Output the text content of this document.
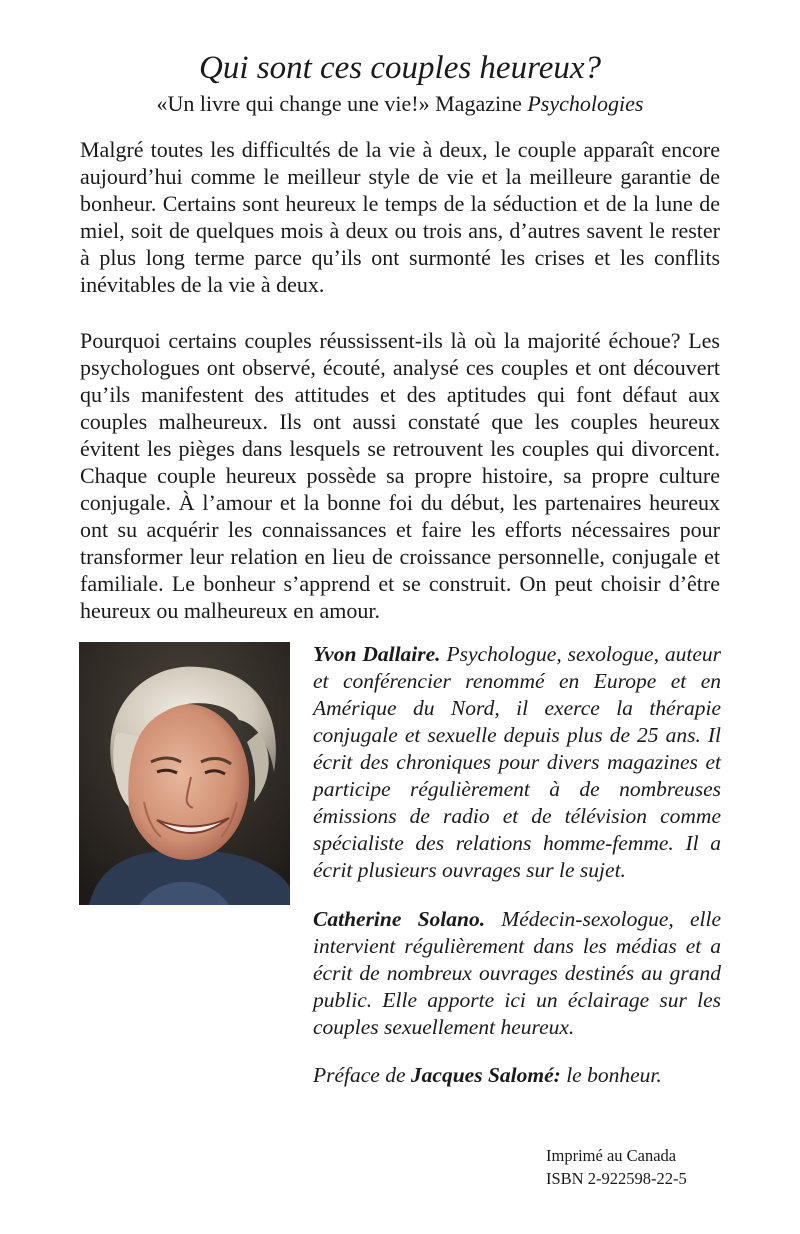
Qui sont ces couples heureux?
«Un livre qui change une vie!» Magazine Psychologies

Malgré toutes les difficultés de la vie à deux, le couple apparaît encore aujourd’hui comme le meilleur style de vie et la meilleure garantie de bonheur. Certains sont heureux le temps de la séduction et de la lune de miel, soit de quelques mois à deux ou trois ans, d’autres savent le rester à plus long terme parce qu’ils ont surmonté les crises et les conflits inévitables de la vie à deux.

Pourquoi certains couples réussissent-ils là où la majorité échoue? Les psychologues ont observé, écouté, analysé ces couples et ont découvert qu’ils manifestent des attitudes et des aptitudes qui font défaut aux couples malheureux. Ils ont aussi constaté que les couples heureux évitent les pièges dans lesquels se retrouvent les couples qui divorcent. Chaque couple heureux possède sa propre histoire, sa propre culture conjugale. À l’amour et la bonne foi du début, les partenaires heureux ont su acquérir les connaissances et faire les efforts nécessaires pour transformer leur relation en lieu de croissance personnelle, conjugale et familiale. Le bonheur s’apprend et se construit. On peut choisir d’être heureux ou malheureux en amour.

Yvon Dallaire. Psychologue, sexologue, auteur et conférencier renommé en Europe et en Amérique du Nord, il exerce la thérapie conjugale et sexuelle depuis plus de 25 ans. Il écrit des chroniques pour divers magazines et participe régulièrement à de nombreuses émissions de radio et de télévision comme spécialiste des relations homme-femme. Il a écrit plusieurs ouvrages sur le sujet.

Catherine Solano. Médecin-sexologue, elle intervient régulièrement dans les médias et a écrit de nombreux ouvrages destinés au grand public. Elle apporte ici un éclairage sur les couples sexuellement heureux.

Préface de Jacques Salomé: le bonheur.

Imprimé au Canada
ISBN 2-922598-22-5
